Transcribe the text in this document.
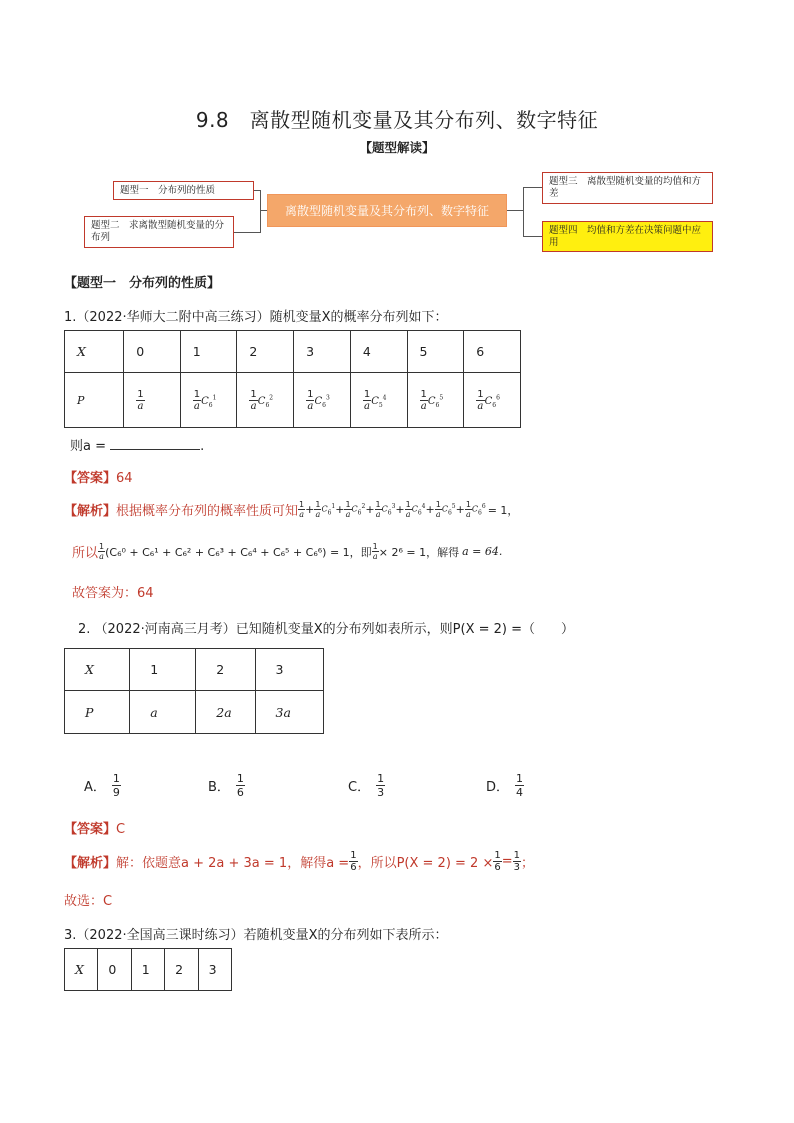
9.8　离散型随机变量及其分布列、数字特征
【题型解读】
题型一　分布列的性质
题型二　求离散型随机变量的分布列
离散型随机变量及其分布列、数字特征
题型三　离散型随机变量的均值和方差
题型四　均值和方差在决策问题中应用
【题型一　分布列的性质】
1.（2022·华师大二附中高三练习）随机变量X的概率分布列如下：
X	0	1	2	3	4	5	6
P	$\frac{1}{a}$	$\frac{1}{a} C_6^1$	$\frac{1}{a} C_6^2$	$\frac{1}{a} C_6^3$	$\frac{1}{a} C_5^4$	$\frac{1}{a} C_6^5$	$\frac{1}{a} C_6^6$
则a =	.
【答案】64
【解析】 根据概率分布列的概率性质可知 $\frac{1}{a} + \frac{1}{a} C_6^1 + \frac{1}{a} C_6^2 + \frac{1}{a} C_6^3 + \frac{1}{a} C_6^4 + \frac{1}{a} C_6^5 + \frac{1}{a} C_6^6 = 1$，
所以 $\frac{1}{a} (C_6^0 + C_6^1 + C_6^2 + C_6^3 + C_6^4 + C_6^5 + C_6^6) = 1$，即 $\frac{1}{a} \times 2^6 = 1$，解得 a = 64.
故答案为：64
2. （2022·河南高三月考）已知随机变量X的分布列如表所示，则P(X = 2) =（　　）
X	1	2	3
P	a	2a	3a
A． $\frac{1}{9}$	B． $\frac{1}{6}$	C． $\frac{1}{3}$	D． $\frac{1}{4}$
【答案】C
【解析】 解：依题意a + 2a + 3a = 1，解得$a = \frac{1}{6}$ ，所以$P(X = 2) = 2 \times \frac{1}{6} = \frac{1}{3}$ ；
故选：C
3.（2022·全国高三课时练习）若随机变量X的分布列如下表所示：
X	0	1	2	3
